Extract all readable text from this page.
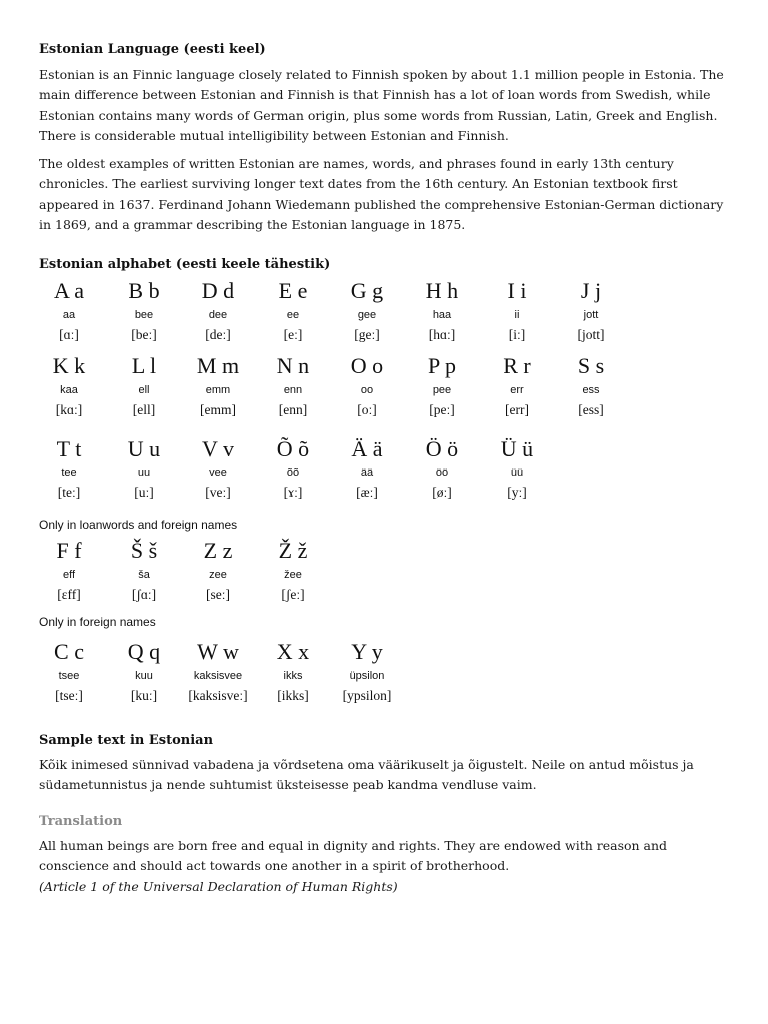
Estonian Language (eesti keel)

Estonian is an Finnic language closely related to Finnish spoken by about 1.1 million people in Estonia. The main difference between Estonian and Finnish is that Finnish has a lot of loan words from Swedish, while Estonian contains many words of German origin, plus some words from Russian, Latin, Greek and English. There is considerable mutual intelligibility between Estonian and Finnish.

The oldest examples of written Estonian are names, words, and phrases found in early 13th century chronicles. The earliest surviving longer text dates from the 16th century. An Estonian textbook first appeared in 1637. Ferdinand Johann Wiedemann published the comprehensive Estonian-German dictionary in 1869, and a grammar describing the Estonian language in 1875.

Estonian alphabet (eesti keele tähestik)
A a
aa
[ɑː]
B b
bee
[beː]
D d
dee
[deː]
E e
ee
[eː]
G g
gee
[geː]
H h
haa
[hɑː]
I i
ii
[iː]
J j
jott
[jott]
K k
kaa
[kɑː]
L l
ell
[ell]
M m
emm
[emm]
N n
enn
[enn]
O o
oo
[oː]
P p
pee
[peː]
R r
err
[err]
S s
ess
[ess]
T t
tee
[teː]
U u
uu
[uː]
V v
vee
[veː]
Õ õ
õõ
[ɤː]
Ä ä
ää
[æː]
Ö ö
öö
[øː]
Ü ü
üü
[yː]
Only in loanwords and foreign names
F f
eff
[ɛff]
Š š
ša
[ʃɑː]
Z z
zee
[seː]
Ž ž
žee
[ʃeː]
Only in foreign names
C c
tsee
[tseː]
Q q
kuu
[kuː]
W w
kaksisvee
[kaksisveː]
X x
ikks
[ikks]
Y y
üpsilon
[ypsilon]
Sample text in Estonian

Kõik inimesed sünnivad vabadena ja võrdsetena oma väärikuselt ja õigustelt. Neile on antud mõistus ja südametunnistus ja nende suhtumist üksteisesse peab kandma vendluse vaim.

Translation

All human beings are born free and equal in dignity and rights. They are endowed with reason and conscience and should act towards one another in a spirit of brotherhood.

(Article 1 of the Universal Declaration of Human Rights)
